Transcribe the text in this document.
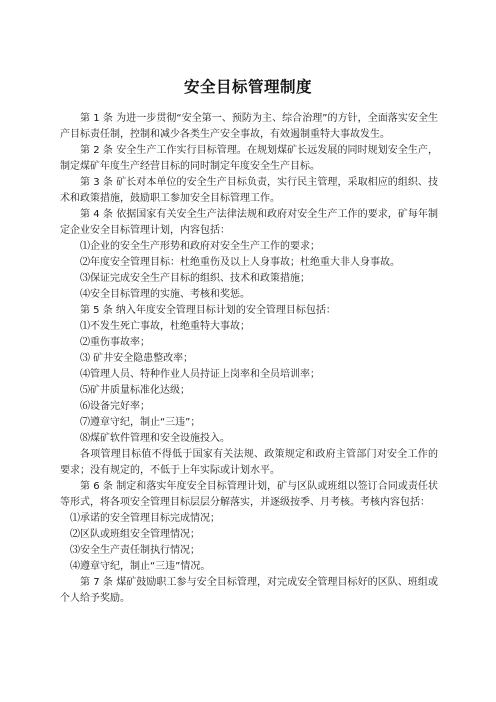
安全目标管理制度

第 1 条 为进一步贯彻“安全第一、预防为主、综合治理”的方针，全面落实安全生产目标责任制，控制和减少各类生产安全事故，有效遏制重特大事故发生。

第 2 条 安全生产工作实行目标管理。在规划煤矿长远发展的同时规划安全生产，制定煤矿年度生产经营目标的同时制定年度安全生产目标。

第 3 条 矿长对本单位的安全生产目标负责，实行民主管理，采取相应的组织、技术和政策措施，鼓励职工参加安全目标管理工作。

第 4 条 依据国家有关安全生产法律法规和政府对安全生产工作的要求，矿每年制定企业安全目标管理计划，内容包括：

⑴企业的安全生产形势和政府对安全生产工作的要求；
⑵年度安全管理目标：杜绝重伤及以上人身事故；杜绝重大非人身事故。
⑶保证完成安全生产目标的组织、技术和政策措施；
⑷安全目标管理的实施、考核和奖惩。

第 5 条 纳入年度安全管理目标计划的安全管理目标包括：

⑴不发生死亡事故，杜绝重特大事故；
⑵重伤事故率；
⑶ 矿井安全隐患整改率；
⑷管理人员、特种作业人员持证上岗率和全员培训率；
⑸矿井质量标准化达级；
⑹设备完好率；
⑺遵章守纪，制止“三违”；
⑻煤矿软件管理和安全设施投入。

各项管理目标值不得低于国家有关法规、政策规定和政府主管部门对安全工作的要求；没有规定的，不低于上年实际或计划水平。

第 6 条 制定和落实年度安全目标管理计划，矿与区队或班组以签订合同或责任状等形式，将各项安全管理目标层层分解落实，并逐级按季、月考核。考核内容包括：

⑴承诺的安全管理目标完成情况；
⑵区队或班组安全管理情况；
⑶安全生产责任制执行情况；
⑷遵章守纪，制止“三违”情况。

第 7 条 煤矿鼓励职工参与安全目标管理，对完成安全管理目标好的区队、班组或个人给予奖励。
